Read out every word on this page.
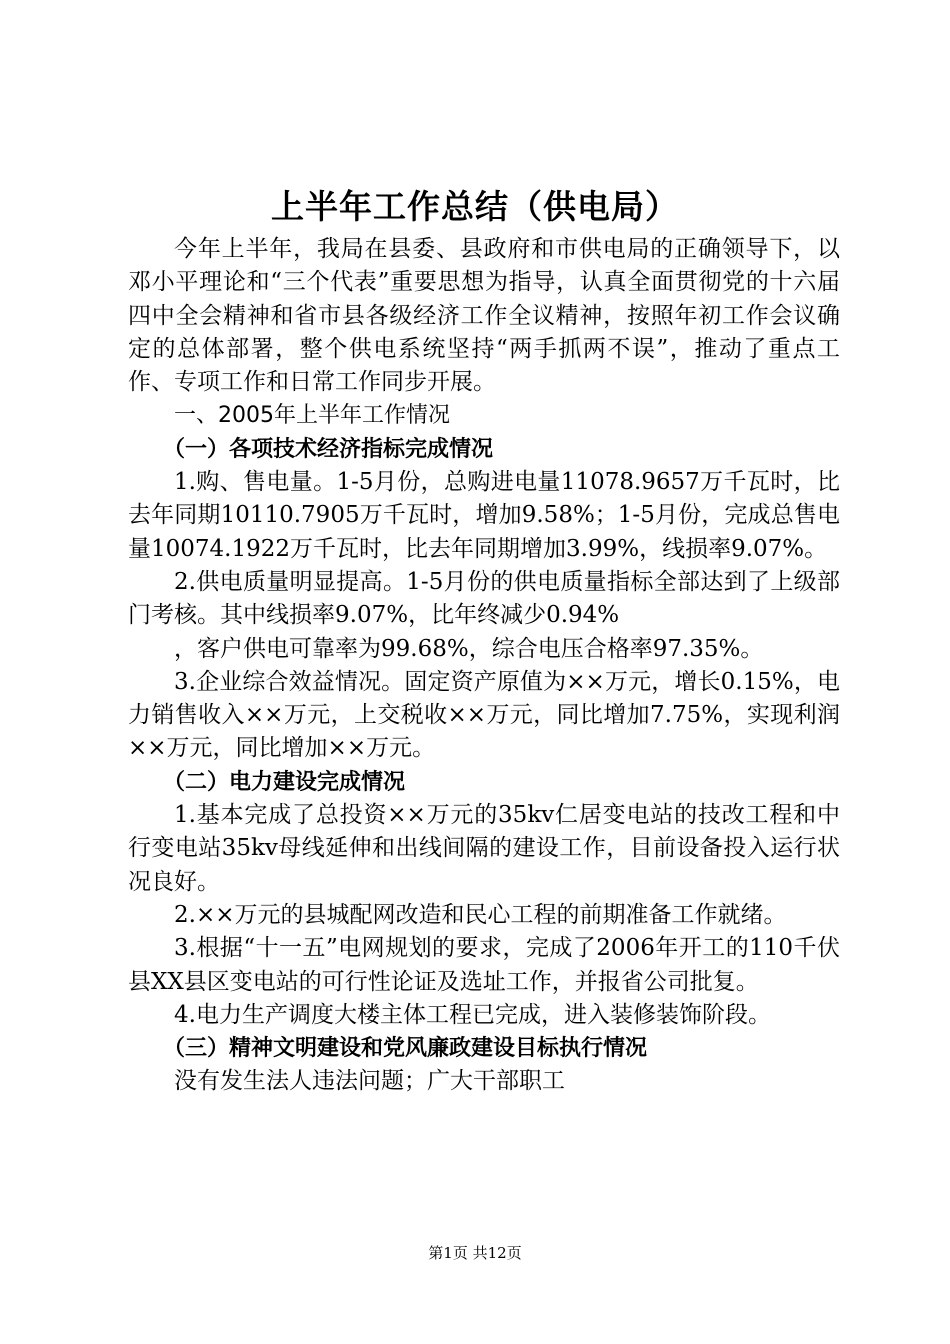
上半年工作总结（供电局）

今年上半年，我局在县委、县政府和市供电局的正确领导下，以邓小平理论和“三个代表”重要思想为指导，认真全面贯彻党的十六届四中全会精神和省市县各级经济工作全议精神，按照年初工作会议确定的总体部署，整个供电系统坚持“两手抓两不误”，推动了重点工作、专项工作和日常工作同步开展。

一、2005年上半年工作情况

（一）各项技术经济指标完成情况

1.购、售电量。1-5月份，总购进电量11078.9657万千瓦时，比去年同期10110.7905万千瓦时，增加9.58%；1-5月份，完成总售电量10074.1922万千瓦时，比去年同期增加3.99%，线损率9.07%。

2.供电质量明显提高。1-5月份的供电质量指标全部达到了上级部门考核。其中线损率9.07%，比年终减少0.94%

，客户供电可靠率为99.68%，综合电压合格率97.35%。

3.企业综合效益情况。固定资产原值为××万元，增长0.15%，电力销售收入××万元，上交税收××万元，同比增加7.75%，实现利润××万元，同比增加××万元。

（二）电力建设完成情况

1.基本完成了总投资××万元的35kv仁居变电站的技改工程和中行变电站35kv母线延伸和出线间隔的建设工作，目前设备投入运行状况良好。

2.××万元的县城配网改造和民心工程的前期准备工作就绪。

3.根据“十一五”电网规划的要求，完成了2006年开工的110千伏县XX县区变电站的可行性论证及选址工作，并报省公司批复。

4.电力生产调度大楼主体工程已完成，进入装修装饰阶段。

（三）精神文明建设和党风廉政建设目标执行情况

没有发生法人违法问题；广大干部职工

第1页 共12页
